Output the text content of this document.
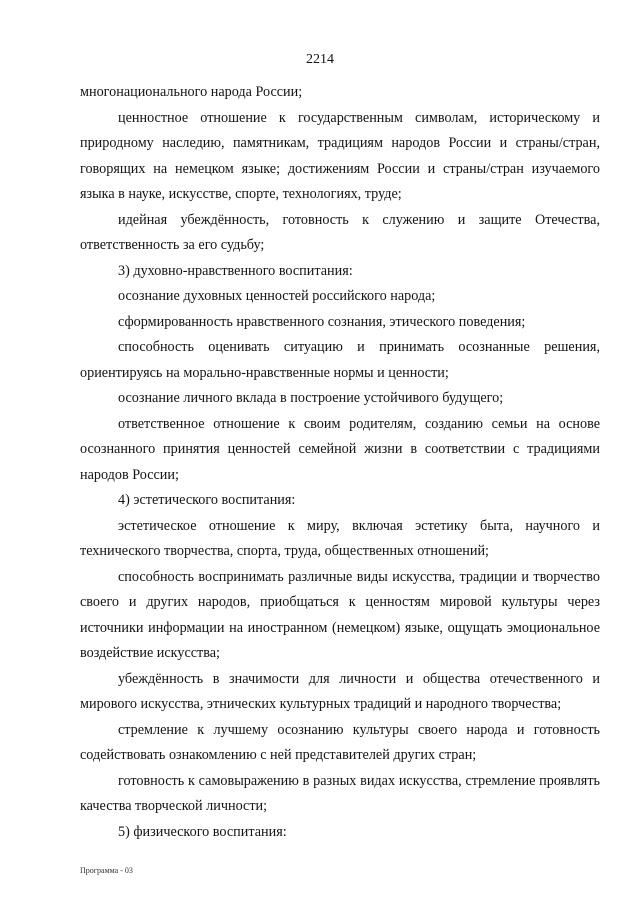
2214

многонационального народа России;

ценностное отношение к государственным символам, историческому и природному наследию, памятникам, традициям народов России и страны/стран, говорящих на немецком языке; достижениям России и страны/стран изучаемого языка в науке, искусстве, спорте, технологиях, труде;

идейная убеждённость, готовность к служению и защите Отечества, ответственность за его судьбу;

3) духовно-нравственного воспитания:

осознание духовных ценностей российского народа;

сформированность нравственного сознания, этического поведения;

способность оценивать ситуацию и принимать осознанные решения, ориентируясь на морально-нравственные нормы и ценности;

осознание личного вклада в построение устойчивого будущего;

ответственное отношение к своим родителям, созданию семьи на основе осознанного принятия ценностей семейной жизни в соответствии с традициями народов России;

4) эстетического воспитания:

эстетическое отношение к миру, включая эстетику быта, научного и технического творчества, спорта, труда, общественных отношений;

способность воспринимать различные виды искусства, традиции и творчество своего и других народов, приобщаться к ценностям мировой культуры через источники информации на иностранном (немецком) языке, ощущать эмоциональное воздействие искусства;

убеждённость в значимости для личности и общества отечественного и мирового искусства, этнических культурных традиций и народного творчества;

стремление к лучшему осознанию культуры своего народа и готовность содействовать ознакомлению с ней представителей других стран;

готовность к самовыражению в разных видах искусства, стремление проявлять качества творческой личности;

5) физического воспитания:

Программа - 03
